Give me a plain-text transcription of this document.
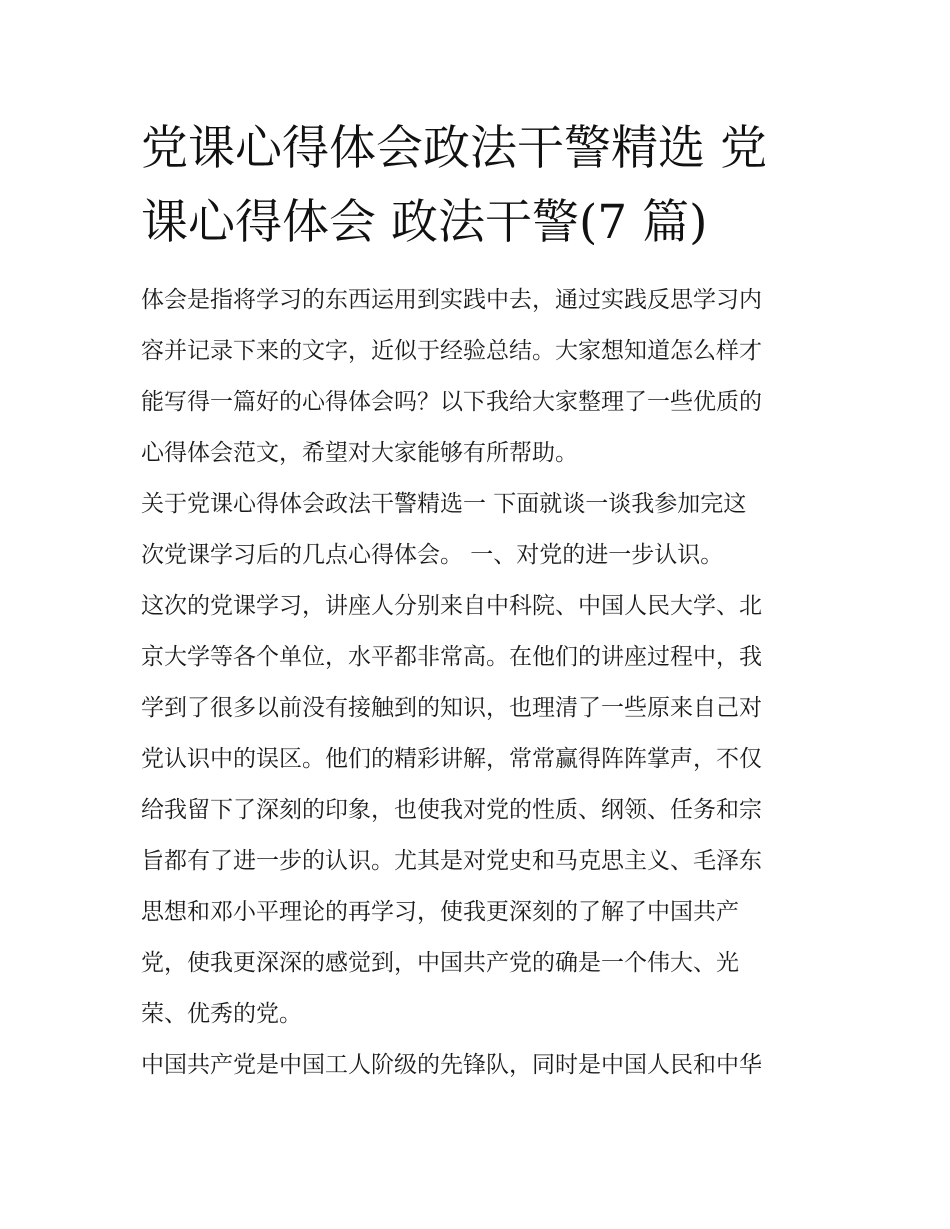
党课心得体会政法干警精选 党
课心得体会 政法干警(7 篇)
体会是指将学习的东西运用到实践中去，通过实践反思学习内
容并记录下来的文字，近似于经验总结。大家想知道怎么样才
能写得一篇好的心得体会吗？以下我给大家整理了一些优质的
心得体会范文，希望对大家能够有所帮助。
关于党课心得体会政法干警精选一 下面就谈一谈我参加完这
次党课学习后的几点心得体会。 一、对党的进一步认识。
这次的党课学习，讲座人分别来自中科院、中国人民大学、北
京大学等各个单位，水平都非常高。在他们的讲座过程中，我
学到了很多以前没有接触到的知识，也理清了一些原来自己对
党认识中的误区。他们的精彩讲解，常常赢得阵阵掌声，不仅
给我留下了深刻的印象，也使我对党的性质、纲领、任务和宗
旨都有了进一步的认识。尤其是对党史和马克思主义、毛泽东
思想和邓小平理论的再学习，使我更深刻的了解了中国共产
党，使我更深深的感觉到，中国共产党的确是一个伟大、光
荣、优秀的党。
中国共产党是中国工人阶级的先锋队，同时是中国人民和中华
